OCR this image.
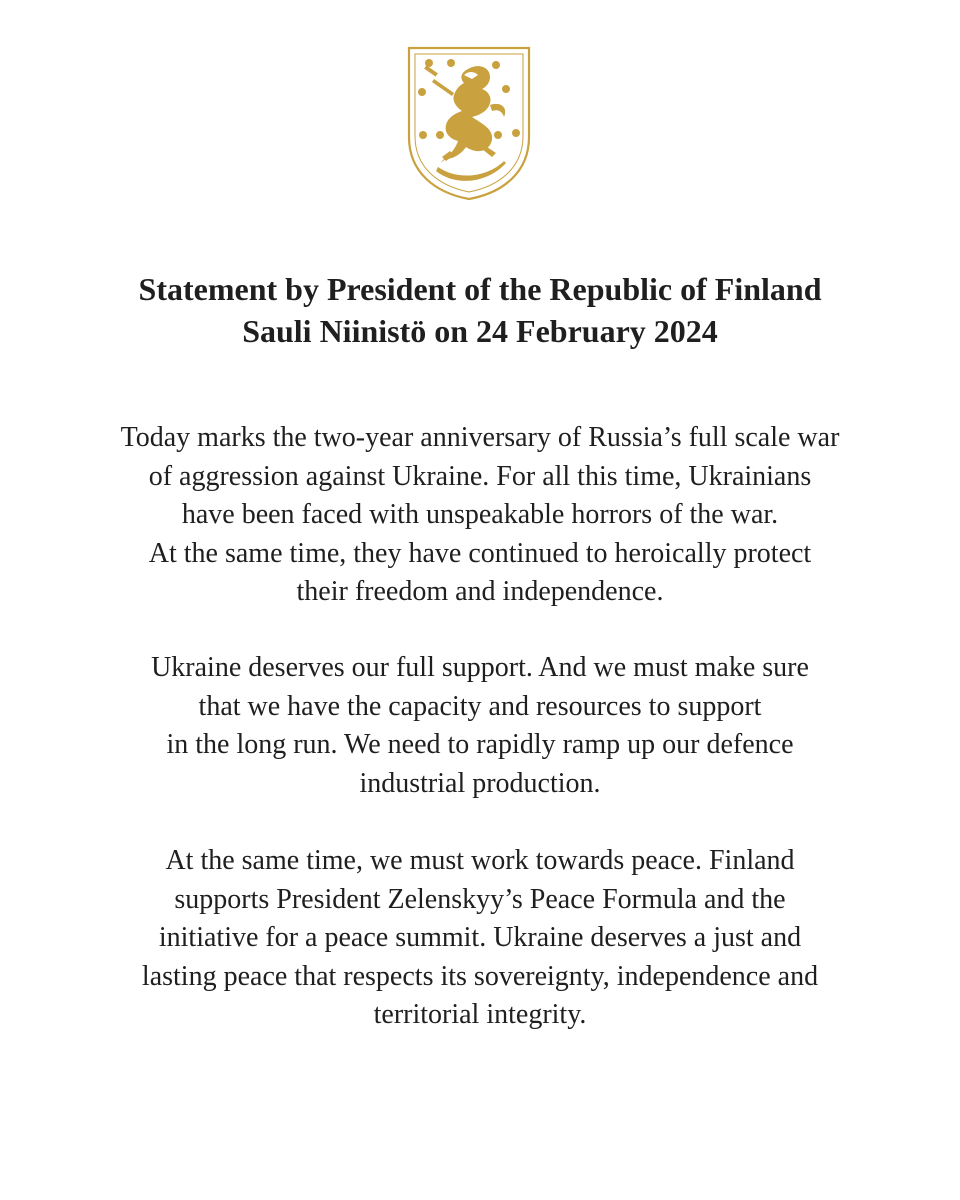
Statement by President of the Republic of Finland
Sauli Niinistö on 24 February 2024

Today marks the two-year anniversary of Russia’s full scale war
of aggression against Ukraine. For all this time, Ukrainians
have been faced with unspeakable horrors of the war.
At the same time, they have continued to heroically protect
their freedom and independence.

Ukraine deserves our full support. And we must make sure
that we have the capacity and resources to support
in the long run. We need to rapidly ramp up our defence
industrial production.

At the same time, we must work towards peace. Finland
supports President Zelenskyy’s Peace Formula and the
initiative for a peace summit. Ukraine deserves a just and
lasting peace that respects its sovereignty, independence and
territorial integrity.
